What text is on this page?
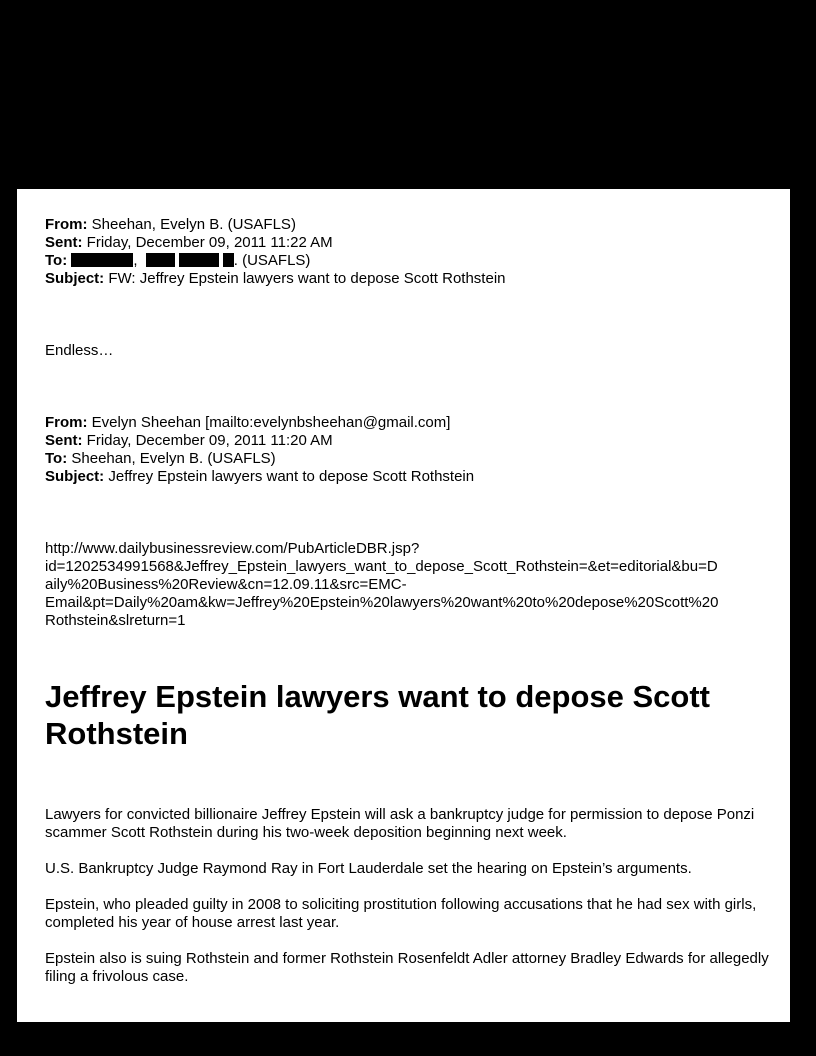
From: Sheehan, Evelyn B. (USAFLS)
Sent: Friday, December 09, 2011 11:22 AM
To:	,	. (USAFLS)
Subject: FW: Jeffrey Epstein lawyers want to depose Scott Rothstein

Endless…

From: Evelyn Sheehan [mailto:evelynbsheehan@gmail.com]
Sent: Friday, December 09, 2011 11:20 AM
To: Sheehan, Evelyn B. (USAFLS)
Subject: Jeffrey Epstein lawyers want to depose Scott Rothstein
http://www.dailybusinessreview.com/PubArticleDBR.jsp?
id=1202534991568&Jeffrey_Epstein_lawyers_want_to_depose_Scott_Rothstein=&et=editorial&bu=D
aily%20Business%20Review&cn=12.09.11&src=EMC-
Email&pt=Daily%20am&kw=Jeffrey%20Epstein%20lawyers%20want%20to%20depose%20Scott%20
Rothstein&slreturn=1
Jeffrey Epstein lawyers want to depose Scott Rothstein

Lawyers for convicted billionaire Jeffrey Epstein will ask a bankruptcy judge for permission to depose Ponzi scammer Scott Rothstein during his two-week deposition beginning next week.

U.S. Bankruptcy Judge Raymond Ray in Fort Lauderdale set the hearing on Epstein’s arguments.

Epstein, who pleaded guilty in 2008 to soliciting prostitution following accusations that he had sex with girls, completed his year of house arrest last year.

Epstein also is suing Rothstein and former Rothstein Rosenfeldt Adler attorney Bradley Edwards for allegedly filing a frivolous case.
